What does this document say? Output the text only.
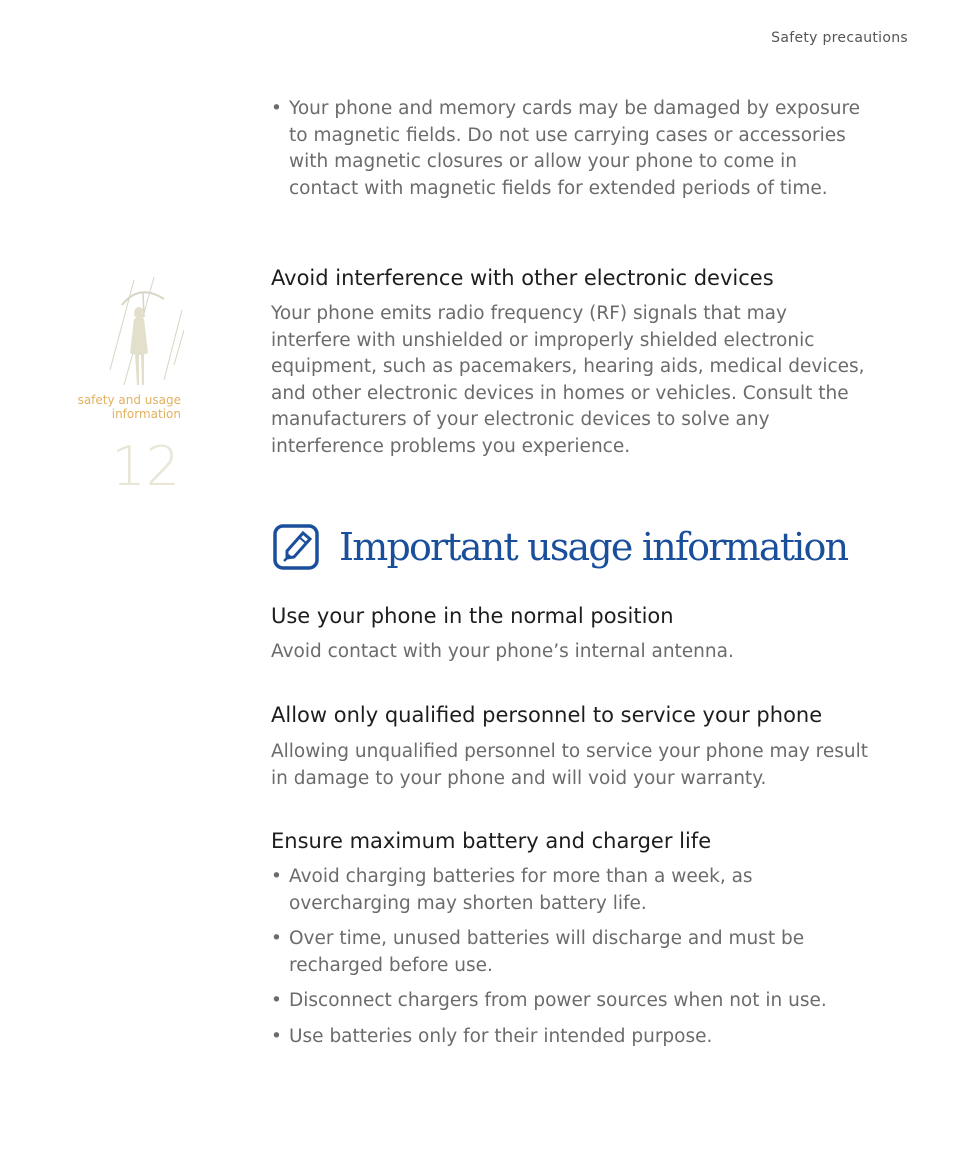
Safety precautions
safety and usage information
12

• Your phone and memory cards may be damaged by exposure to magnetic fields. Do not use carrying cases or accessories with magnetic closures or allow your phone to come in contact with magnetic fields for extended periods of time.

Avoid interference with other electronic devices

Your phone emits radio frequency (RF) signals that may interfere with unshielded or improperly shielded electronic equipment, such as pacemakers, hearing aids, medical devices, and other electronic devices in homes or vehicles. Consult the manufacturers of your electronic devices to solve any interference problems you experience.

Important usage information
Use your phone in the normal position

Avoid contact with your phone’s internal antenna.

Allow only qualified personnel to service your phone

Allowing unqualified personnel to service your phone may result in damage to your phone and will void your warranty.

Ensure maximum battery and charger life

• Avoid charging batteries for more than a week, as overcharging may shorten battery life.

• Over time, unused batteries will discharge and must be recharged before use.

• Disconnect chargers from power sources when not in use.

• Use batteries only for their intended purpose.
